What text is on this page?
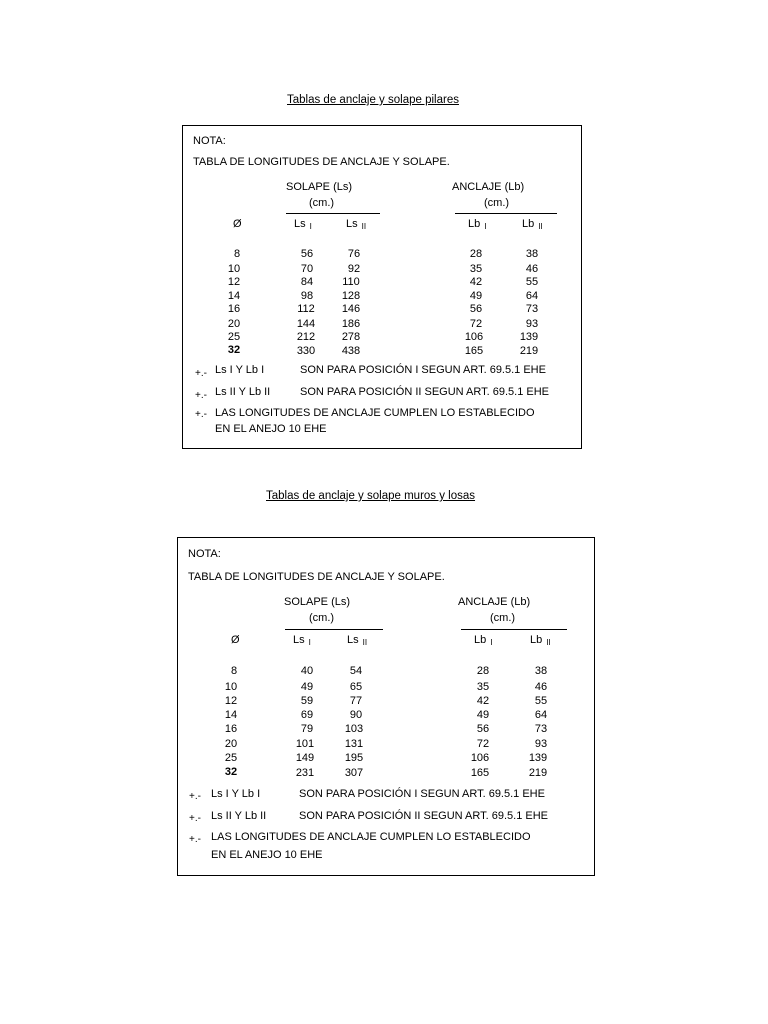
Tablas de anclaje y solape pilares
NOTA:
TABLA DE LONGITUDES DE ANCLAJE Y SOLAPE.
SOLAPE (Ls)
(cm.)
ANCLAJE (Lb)
(cm.)
Ø	Ls I	Ls II	Lb I	Lb II
8	56	76	28	38
10	70	92	35	46
12	84	110	42	55
14	98	128	49	64
16	112	146	56	73
20	144	186	72	93
25	212	278	106	139
32	330	438	165	219
+.- Ls I Y Lb I	SON PARA POSICIÓN I SEGUN ART. 69.5.1 EHE
+.- Ls II Y Lb II	SON PARA POSICIÓN II SEGUN ART. 69.5.1 EHE
+.- LAS LONGITUDES DE ANCLAJE CUMPLEN LO ESTABLECIDO
EN EL ANEJO 10 EHE
Tablas de anclaje y solape muros y losas
NOTA:
TABLA DE LONGITUDES DE ANCLAJE Y SOLAPE.
SOLAPE (Ls)
(cm.)
ANCLAJE (Lb)
(cm.)
Ø	Ls I	Ls II	Lb I	Lb II
8	40	54	28	38
10	49	65	35	46
12	59	77	42	55
14	69	90	49	64
16	79	103	56	73
20	101	131	72	93
25	149	195	106	139
32	231	307	165	219
+.- Ls I Y Lb I	SON PARA POSICIÓN I SEGUN ART. 69.5.1 EHE
+.- Ls II Y Lb II	SON PARA POSICIÓN II SEGUN ART. 69.5.1 EHE
+.- LAS LONGITUDES DE ANCLAJE CUMPLEN LO ESTABLECIDO
EN EL ANEJO 10 EHE
